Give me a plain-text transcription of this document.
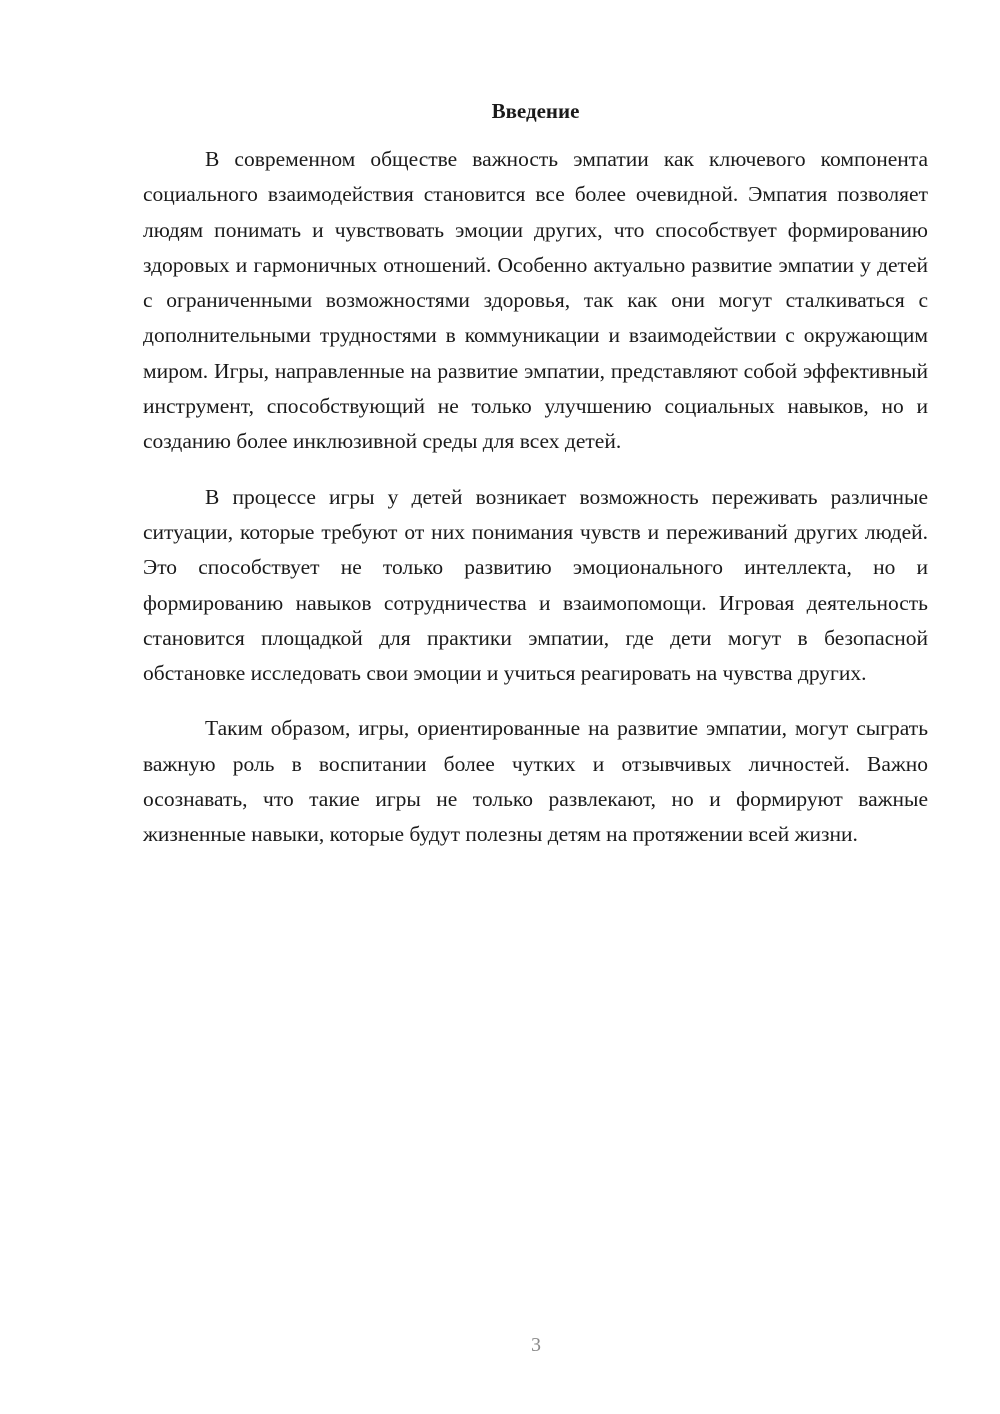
Введение

В современном обществе важность эмпатии как ключевого компонента социального взаимодействия становится все более очевидной. Эмпатия позволяет людям понимать и чувствовать эмоции других, что способствует формированию здоровых и гармоничных отношений. Особенно актуально развитие эмпатии у детей с ограниченными возможностями здоровья, так как они могут сталкиваться с дополнительными трудностями в коммуникации и взаимодействии с окружающим миром. Игры, направленные на развитие эмпатии, представляют собой эффективный инструмент, способствующий не только улучшению социальных навыков, но и созданию более инклюзивной среды для всех детей.

В процессе игры у детей возникает возможность переживать различные ситуации, которые требуют от них понимания чувств и переживаний других людей. Это способствует не только развитию эмоционального интеллекта, но и формированию навыков сотрудничества и взаимопомощи. Игровая деятельность становится площадкой для практики эмпатии, где дети могут в безопасной обстановке исследовать свои эмоции и учиться реагировать на чувства других.

Таким образом, игры, ориентированные на развитие эмпатии, могут сыграть важную роль в воспитании более чутких и отзывчивых личностей. Важно осознавать, что такие игры не только развлекают, но и формируют важные жизненные навыки, которые будут полезны детям на протяжении всей жизни.

3
